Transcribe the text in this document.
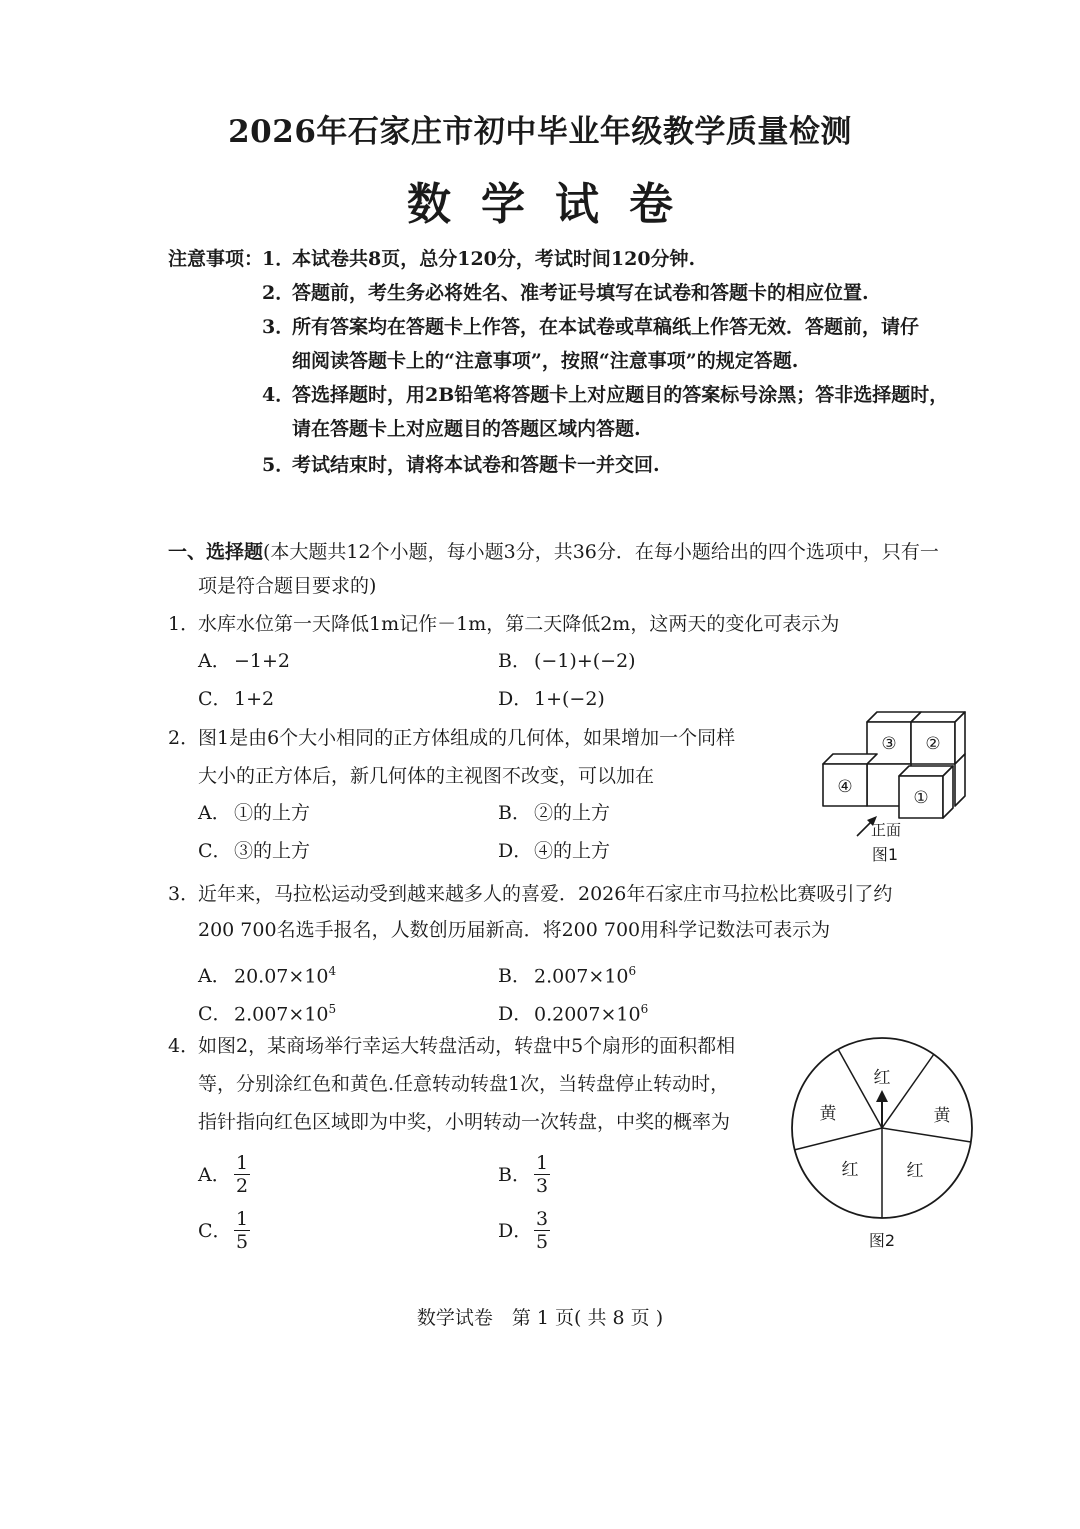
2026年石家庄市初中毕业年级教学质量检测
数学试卷
注意事项：
1．
本试卷共8页，总分120分，考试时间120分钟.
2．
答题前，考生务必将姓名、准考证号填写在试卷和答题卡的相应位置.
3．
所有答案均在答题卡上作答，在本试卷或草稿纸上作答无效．答题前，请仔
细阅读答题卡上的“注意事项”，按照“注意事项”的规定答题.
4．
答选择题时，用2B铅笔将答题卡上对应题目的答案标号涂黑；答非选择题时，
请在答题卡上对应题目的答题区域内答题.
5．
考试结束时，请将本试卷和答题卡一并交回.
一、选择题(本大题共12个小题，每小题3分，共36分．在每小题给出的四个选项中，只有一
项是符合题目要求的)
1．
水库水位第一天降低1m记作－1m，第二天降低2m，这两天的变化可表示为
A． −1+2	B． (−1)+(−2)
C． 1+2	D．1+(−2)
2．
图1是由6个大小相同的正方体组成的几何体，如果增加一个同样
大小的正方体后，新几何体的主视图不改变，可以加在
A． ①的上方	B． ②的上方
C． ③的上方	D．④的上方
③ ②
④
①
正面
图1
3．
近年来，马拉松运动受到越来越多人的喜爱．2026年石家庄市马拉松比赛吸引了约
200 700名选手报名，人数创历届新高．将200 700用科学记数法可表示为
A． $20.07\times 10^4$	B． $2.007\times 10^6$
C． $2.007\times 10^5$	D．$0.2007\times 10^6$
4．
如图2，某商场举行幸运大转盘活动，转盘中5个扇形的面积都相
等，分别涂红色和黄色.任意转动转盘1次，当转盘停止转动时，
指针指向红色区域即为中奖，小明转动一次转盘，中奖的概率为
A． $\frac{1}{2}$	B． $\frac{1}{3}$
C． $\frac{1}{5}$	D． $\frac{3}{5}$
红
黄
红	红
黄
图2
数学试卷　第 1 页( 共 8 页 )
